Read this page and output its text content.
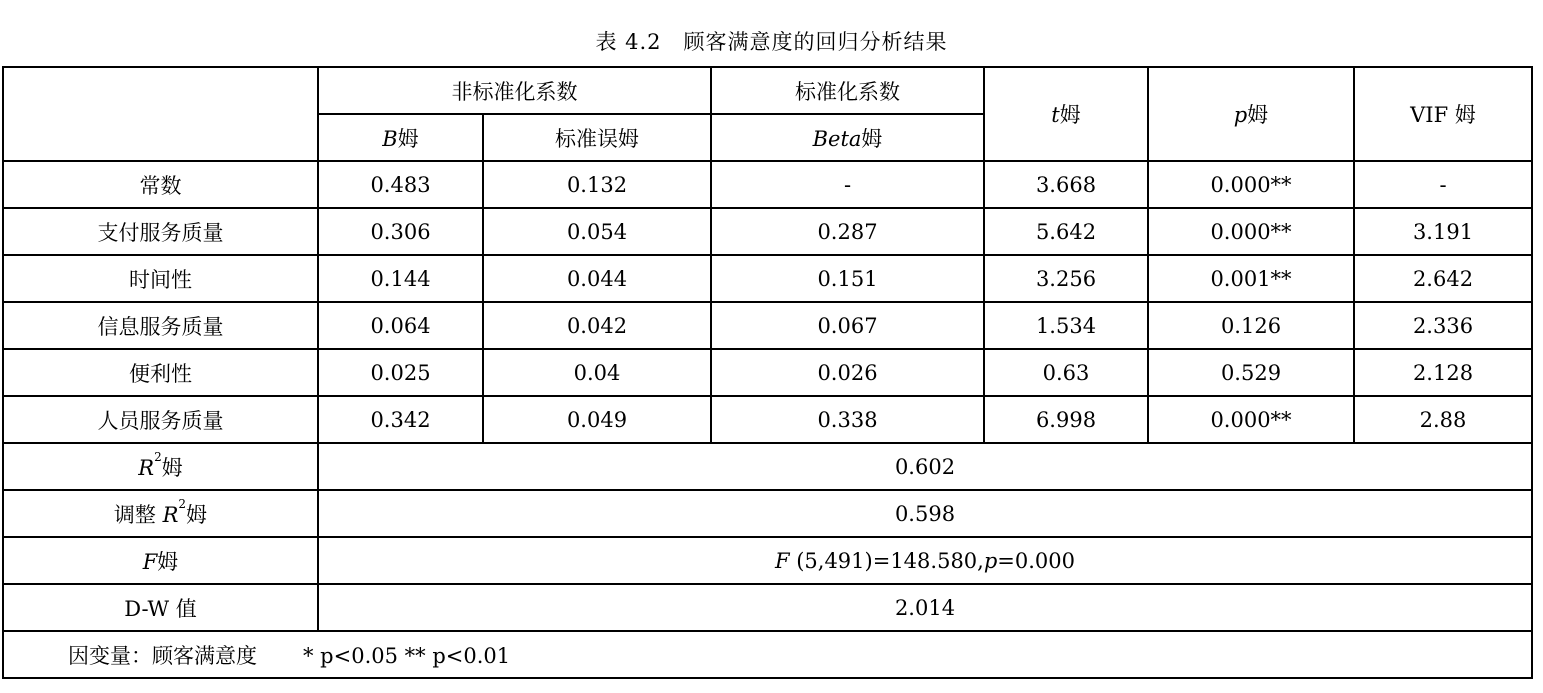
表 4.2　顾客满意度的回归分析结果
	非标准化系数		标准化系数	t姆	p姆	VIF 姆
	B姆	标准误姆	Beta姆			
常数	0.483	0.132	-	3.668	0.000**	-
支付服务质量	0.306	0.054	0.287	5.642	0.000**	3.191
时间性	0.144	0.044	0.151	3.256	0.001**	2.642
信息服务质量	0.064	0.042	0.067	1.534	0.126	2.336
便利性	0.025	0.04	0.026	0.63	0.529	2.128
人员服务质量	0.342	0.049	0.338	6.998	0.000**	2.88
$R^2$姆	0.602					
调整 $R^2$姆	0.598					
F姆	F (5,491)=148.580,p=0.000					
D-W 值	2.014					
因变量：顾客满意度 * p<0.05 ** p<0.01						
